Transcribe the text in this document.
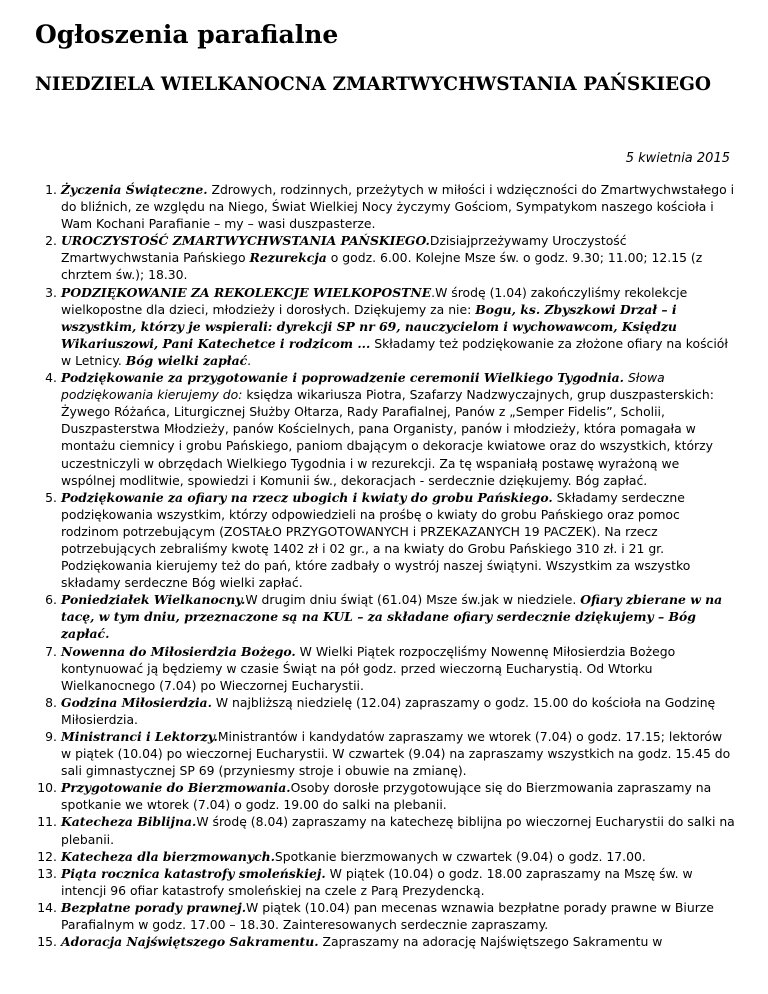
Ogłoszenia parafialne
NIEDZIELA WIELKANOCNA ZMARTWYCHWSTANIA PAŃSKIEGO
5 kwietnia 2015
1. Życzenia Świąteczne. Zdrowych, rodzinnych, przeżytych w miłości i wdzięczności do Zmartwychwstałego i do bliźnich, ze względu na Niego, Świat Wielkiej Nocy życzymy Gościom, Sympatykom naszego kościoła i Wam Kochani Parafianie – my – wasi duszpasterze.
2. UROCZYSTOŚĆ ZMARTWYCHWSTANIA PAŃSKIEGO.Dzisiajprzeżywamy Uroczystość Zmartwychwstania Pańskiego Rezurekcja o godz. 6.00. Kolejne Msze św. o godz. 9.30; 11.00; 12.15 (z chrztem św.); 18.30.
3. PODZIĘKOWANIE ZA REKOLEKCJE WIELKOPOSTNE.W środę (1.04) zakończyliśmy rekolekcje wielkopostne dla dzieci, młodzieży i dorosłych. Dziękujemy za nie: Bogu, ks. Zbyszkowi Drzał – i wszystkim, którzy je wspierali: dyrekcji SP nr 69, nauczycielom i wychowawcom, Księdzu Wikariuszowi, Pani Katechetce i rodzicom ... Składamy też podziękowanie za złożone ofiary na kościół w Letnicy. Bóg wielki zapłać.
4. Podziękowanie za przygotowanie i poprowadzenie ceremonii Wielkiego Tygodnia. Słowa podziękowania kierujemy do: księdza wikariusza Piotra, Szafarzy Nadzwyczajnych, grup duszpasterskich: Żywego Różańca, Liturgicznej Służby Ołtarza, Rady Parafialnej, Panów z „Semper Fidelis”, Scholii, Duszpasterstwa Młodzieży, panów Kościelnych, pana Organisty, panów i młodzieży, która pomagała w montażu ciemnicy i grobu Pańskiego, paniom dbającym o dekoracje kwiatowe oraz do wszystkich, którzy uczestniczyli w obrzędach Wielkiego Tygodnia i w rezurekcji. Za tę wspaniałą postawę wyrażoną we wspólnej modlitwie, spowiedzi i Komunii św., dekoracjach - serdecznie dziękujemy. Bóg zapłać.
5. Podziękowanie za ofiary na rzecz ubogich i kwiaty do grobu Pańskiego. Składamy serdeczne podziękowania wszystkim, którzy odpowiedzieli na prośbę o kwiaty do grobu Pańskiego oraz pomoc rodzinom potrzebującym (ZOSTAŁO PRZYGOTOWANYCH i PRZEKAZANYCH 19 PACZEK). Na rzecz potrzebujących zebraliśmy kwotę 1402 zł i 02 gr., a na kwiaty do Grobu Pańskiego 310 zł. i 21 gr. Podziękowania kierujemy też do pań, które zadbały o wystrój naszej świątyni. Wszystkim za wszystko składamy serdeczne Bóg wielki zapłać.
6. Poniedziałek Wielkanocny.W drugim dniu świąt (61.04) Msze św.jak w niedziele. Ofiary zbierane w na tacę, w tym dniu, przeznaczone są na KUL – za składane ofiary serdecznie dziękujemy – Bóg zapłać.
7. Nowenna do Miłosierdzia Bożego. W Wielki Piątek rozpoczęliśmy Nowennę Miłosierdzia Bożego kontynuować ją będziemy w czasie Świąt na pół godz. przed wieczorną Eucharystią. Od Wtorku Wielkanocnego (7.04) po Wieczornej Eucharystii.
8. Godzina Miłosierdzia. W najbliższą niedzielę (12.04) zapraszamy o godz. 15.00 do kościoła na Godzinę Miłosierdzia.
9. Ministranci i Lektorzy.Ministrantów i kandydatów zapraszamy we wtorek (7.04) o godz. 17.15; lektorów w piątek (10.04) po wieczornej Eucharystii. W czwartek (9.04) na zapraszamy wszystkich na godz. 15.45 do sali gimnastycznej SP 69 (przyniesmy stroje i obuwie na zmianę).
10. Przygotowanie do Bierzmowania.Osoby dorosłe przygotowujące się do Bierzmowania zapraszamy na spotkanie we wtorek (7.04) o godz. 19.00 do salki na plebanii.
11. Katecheza Biblijna.W środę (8.04) zapraszamy na katechezę biblijna po wieczornej Eucharystii do salki na plebanii.
12. Katecheza dla bierzmowanych.Spotkanie bierzmowanych w czwartek (9.04) o godz. 17.00.
13. Piąta rocznica katastrofy smoleńskiej. W piątek (10.04) o godz. 18.00 zapraszamy na Mszę św. w intencji 96 ofiar katastrofy smoleńskiej na czele z Parą Prezydencką.
14. Bezpłatne porady prawnej.W piątek (10.04) pan mecenas wznawia bezpłatne porady prawne w Biurze Parafialnym w godz. 17.00 – 18.30. Zainteresowanych serdecznie zapraszamy.
15. Adoracja Najświętszego Sakramentu. Zapraszamy na adorację Najświętszego Sakramentu w
